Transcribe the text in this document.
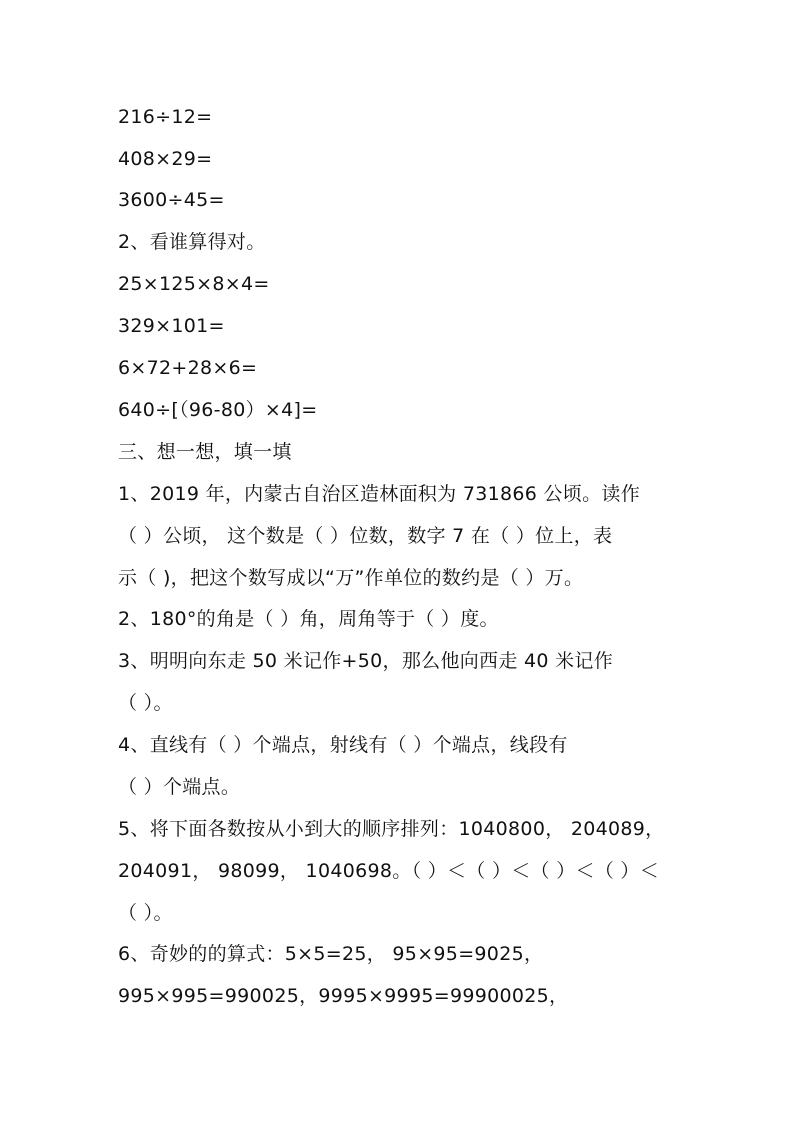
216÷12=
408×29=
3600÷45=
2、看谁算得对。
25×125×8×4=
329×101=
6×72+28×6=
640÷[（96-80）×4]=
三、想一想，填一填
1、2019 年，内蒙古自治区造林面积为 731866 公顷。读作
（ ）公顷， 这个数是（ ）位数，数字 7 在（ ）位上，表
示（ )，把这个数写成以“万”作单位的数约是（ ）万。
2、180°的角是（ ）角，周角等于（ ）度。
3、明明向东走 50 米记作+50，那么他向西走 40 米记作
（ ）。
4、直线有（ ）个端点，射线有（ ）个端点，线段有
（ ）个端点。
5、将下面各数按从小到大的顺序排列：1040800， 204089，
204091， 98099， 1040698。（ ）＜（ ）＜（ ）＜（ ）＜
（ ）。
6、奇妙的的算式：5×5=25， 95×95=9025，
995×995=990025，9995×9995=99900025，
